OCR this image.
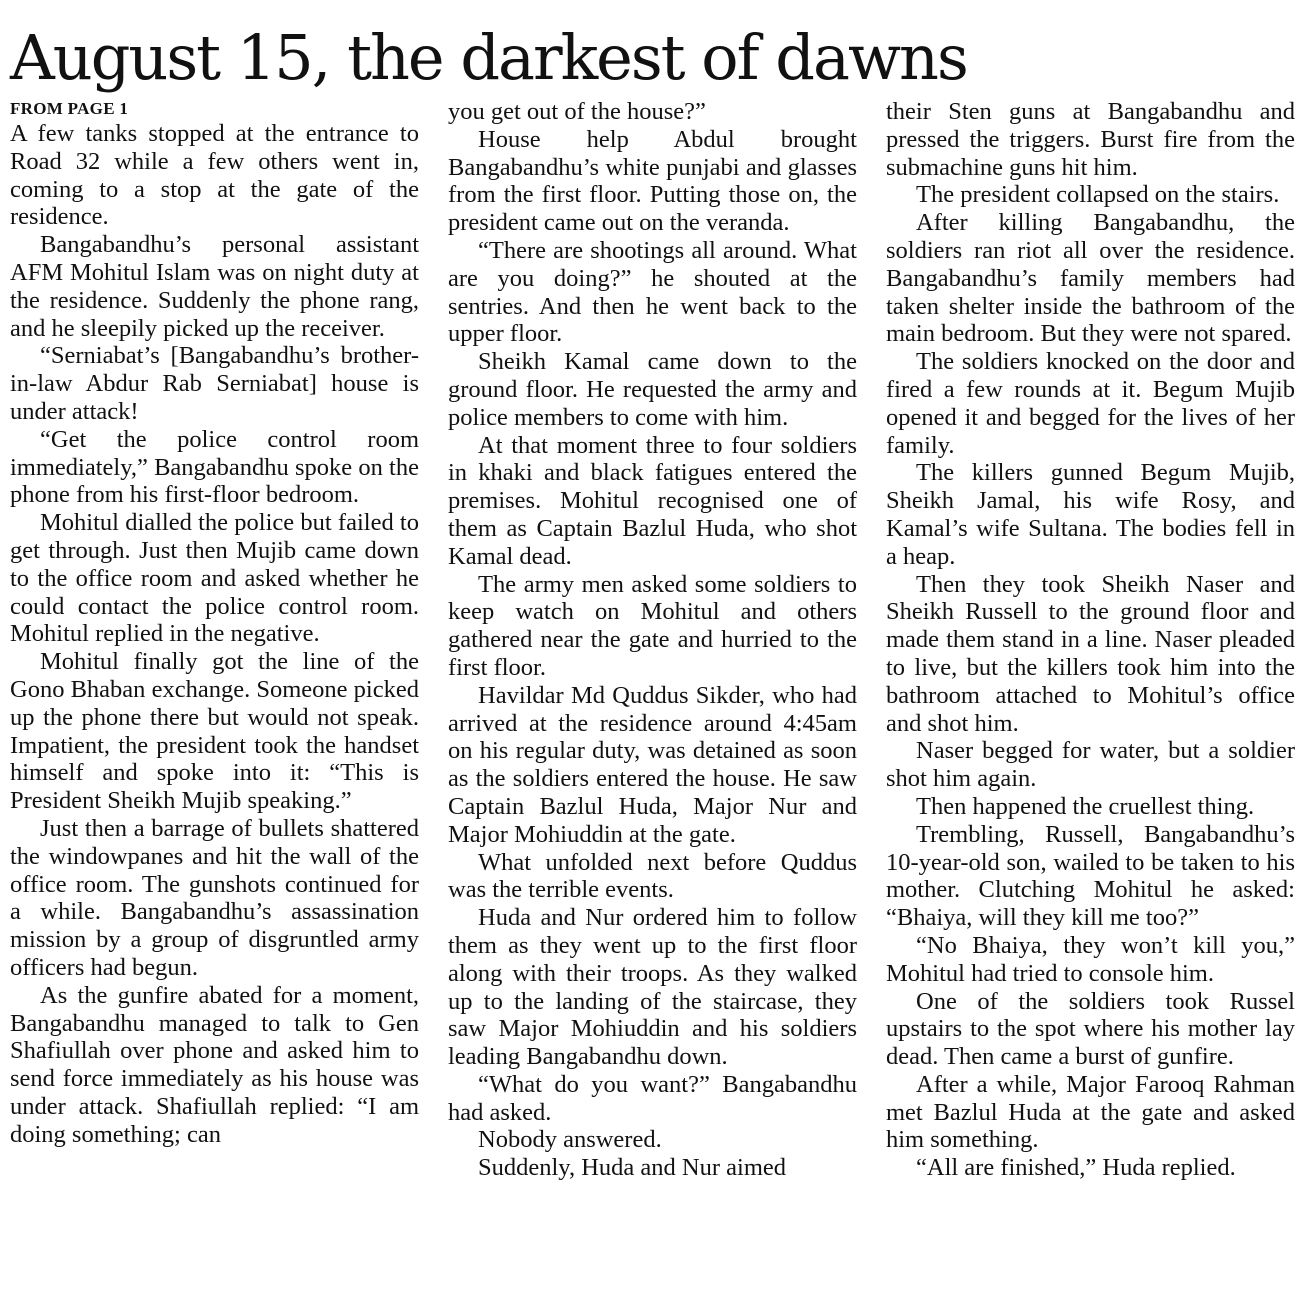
August 15, the darkest of dawns
FROM PAGE 1

A few tanks stopped at the entrance to Road 32 while a few others went in, coming to a stop at the gate of the residence.

Bangabandhu’s personal assistant AFM Mohitul Islam was on night duty at the residence. Suddenly the phone rang, and he sleepily picked up the receiver.

“Serniabat’s [Bangabandhu’s brother-in-law Abdur Rab Serniabat] house is under attack!

“Get the police control room immediately,” Bangabandhu spoke on the phone from his first-floor bedroom.

Mohitul dialled the police but failed to get through. Just then Mujib came down to the office room and asked whether he could contact the police control room. Mohitul replied in the negative.

Mohitul finally got the line of the Gono Bhaban exchange. Someone picked up the phone there but would not speak. Impatient, the president took the handset himself and spoke into it: “This is President Sheikh Mujib speaking.”

Just then a barrage of bullets shattered the windowpanes and hit the wall of the office room. The gunshots continued for a while. Bangabandhu’s assassination mission by a group of disgruntled army officers had begun.

As the gunfire abated for a moment, Bangabandhu managed to talk to Gen Shafiullah over phone and asked him to send force immediately as his house was under attack. Shafiullah replied: “I am doing something; can

you get out of the house?”

House help Abdul brought Bangabandhu’s white punjabi and glasses from the first floor. Putting those on, the president came out on the veranda.

“There are shootings all around. What are you doing?” he shouted at the sentries. And then he went back to the upper floor.

Sheikh Kamal came down to the ground floor. He requested the army and police members to come with him.

At that moment three to four soldiers in khaki and black fatigues entered the premises. Mohitul recognised one of them as Captain Bazlul Huda, who shot Kamal dead.

The army men asked some soldiers to keep watch on Mohitul and others gathered near the gate and hurried to the first floor.

Havildar Md Quddus Sikder, who had arrived at the residence around 4:45am on his regular duty, was detained as soon as the soldiers entered the house. He saw Captain Bazlul Huda, Major Nur and Major Mohiuddin at the gate.

What unfolded next before Quddus was the terrible events.

Huda and Nur ordered him to follow them as they went up to the first floor along with their troops. As they walked up to the landing of the staircase, they saw Major Mohiuddin and his soldiers leading Bangabandhu down.

“What do you want?” Bangabandhu had asked.

Nobody answered.

Suddenly, Huda and Nur aimed

their Sten guns at Bangabandhu and pressed the triggers. Burst fire from the submachine guns hit him.

The president collapsed on the stairs.

After killing Bangabandhu, the soldiers ran riot all over the residence. Bangabandhu’s family members had taken shelter inside the bathroom of the main bedroom. But they were not spared.

The soldiers knocked on the door and fired a few rounds at it. Begum Mujib opened it and begged for the lives of her family.

The killers gunned Begum Mujib, Sheikh Jamal, his wife Rosy, and Kamal’s wife Sultana. The bodies fell in a heap.

Then they took Sheikh Naser and Sheikh Russell to the ground floor and made them stand in a line. Naser pleaded to live, but the killers took him into the bathroom attached to Mohitul’s office and shot him.

Naser begged for water, but a soldier shot him again.

Then happened the cruellest thing.

Trembling, Russell, Bangabandhu’s 10-year-old son, wailed to be taken to his mother. Clutching Mohitul he asked: “Bhaiya, will they kill me too?”

“No Bhaiya, they won’t kill you,” Mohitul had tried to console him.

One of the soldiers took Russel upstairs to the spot where his mother lay dead. Then came a burst of gunfire.

After a while, Major Farooq Rahman met Bazlul Huda at the gate and asked him something.

“All are finished,” Huda replied.
